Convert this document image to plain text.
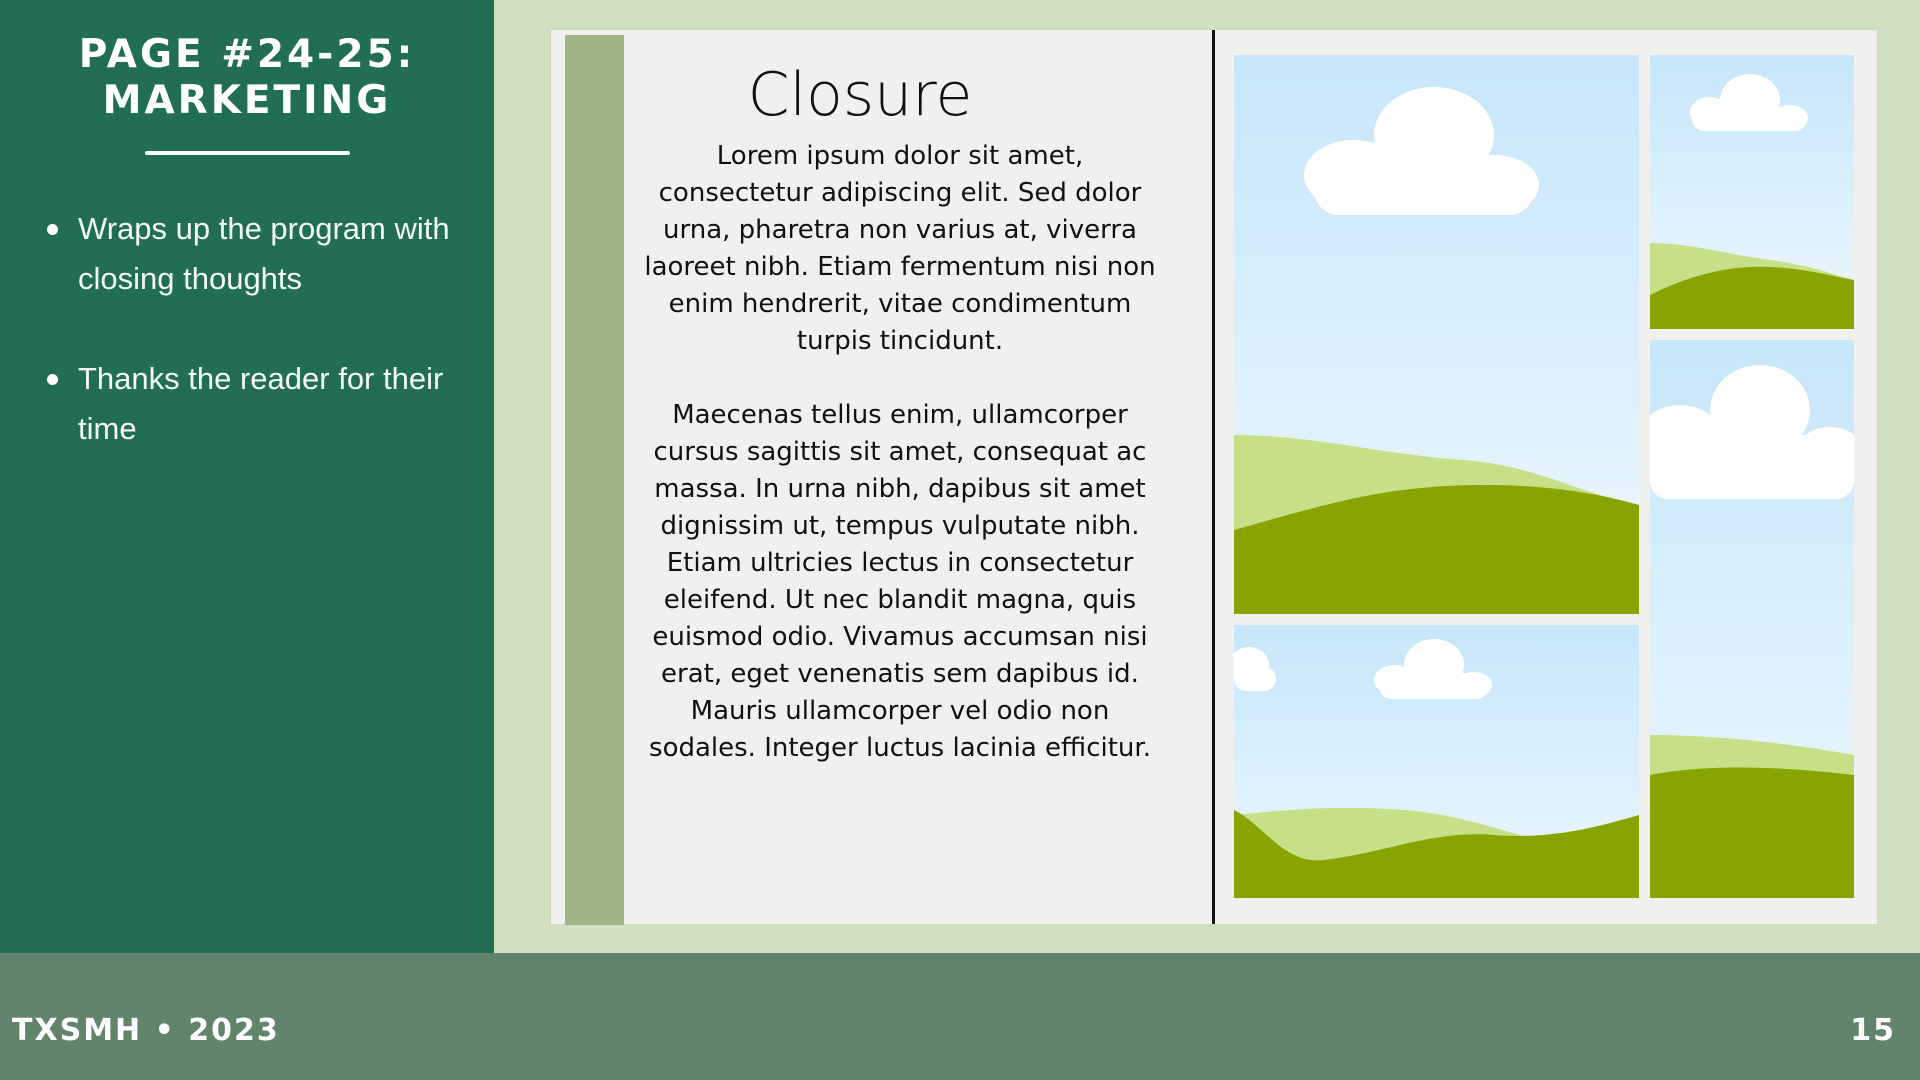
PAGE #24-25:
MARKETING
Wraps up the program with closing thoughts
Thanks the reader for their time
Closure

Lorem ipsum dolor sit amet, consectetur adipiscing elit. Sed dolor urna, pharetra non varius at, viverra laoreet nibh. Etiam fermentum nisi non enim hendrerit, vitae condimentum turpis tincidunt.

Maecenas tellus enim, ullamcorper cursus sagittis sit amet, consequat ac massa. In urna nibh, dapibus sit amet dignissim ut, tempus vulputate nibh. Etiam ultricies lectus in consectetur eleifend. Ut nec blandit magna, quis euismod odio. Vivamus accumsan nisi erat, eget venenatis sem dapibus id. Mauris ullamcorper vel odio non sodales. Integer luctus lacinia efficitur.

TXSMH • 2023	15
